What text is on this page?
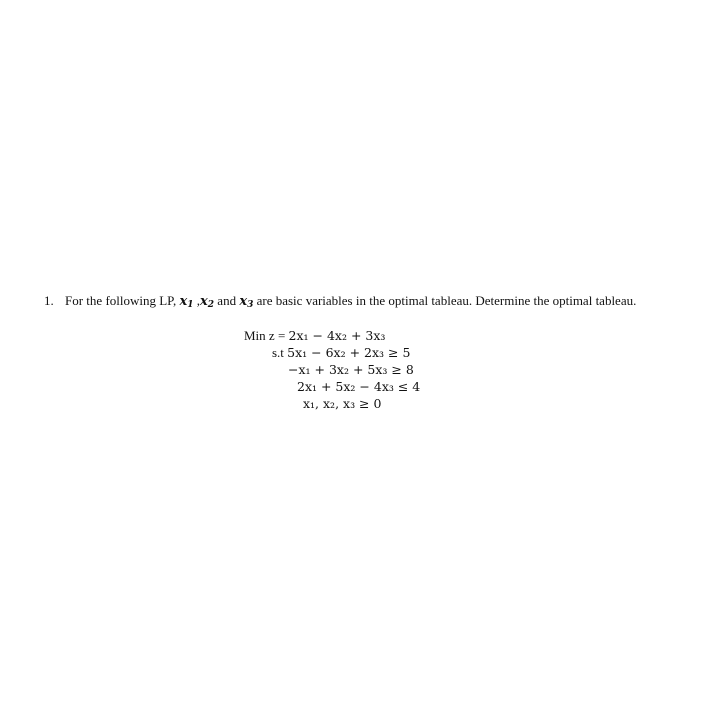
1. For the following LP, $x_1$ $,x_2$ and $x_3$ are basic variables in the optimal tableau. Determine the optimal tableau.
Min z = 2x₁ − 4x₂ + 3x₃
s.t 5x₁ − 6x₂ + 2x₃ ≥ 5
−x₁ + 3x₂ + 5x₃ ≥ 8
2x₁ + 5x₂ − 4x₃ ≤ 4
x₁, x₂, x₃ ≥ 0
